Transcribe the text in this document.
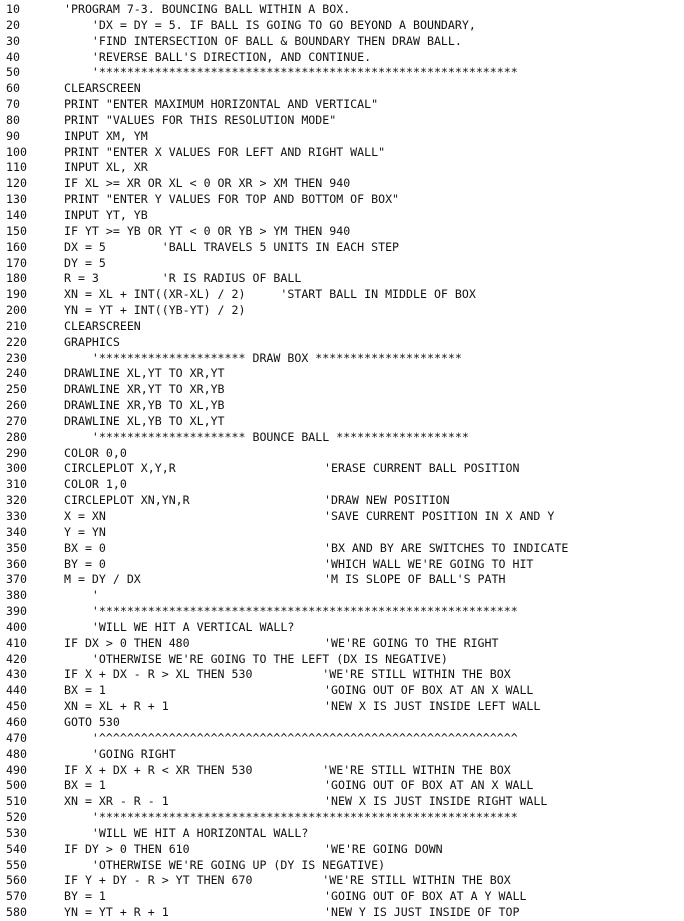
10	'PROGRAM 7-3. BOUNCING BALL WITHIN A BOX.
20	'DX = DY = 5. IF BALL IS GOING TO GO BEYOND A BOUNDARY,
30	'FIND INTERSECTION OF BALL & BOUNDARY THEN DRAW BALL.
40	'REVERSE BALL'S DIRECTION, AND CONTINUE.
50	'************************************************************
60	CLEARSCREEN
70	PRINT "ENTER MAXIMUM HORIZONTAL AND VERTICAL"
80	PRINT "VALUES FOR THIS RESOLUTION MODE"
90	INPUT XM, YM
100	PRINT "ENTER X VALUES FOR LEFT AND RIGHT WALL"
110	INPUT XL, XR
120	IF XL >= XR OR XL < 0 OR XR > XM THEN 940
130	PRINT "ENTER Y VALUES FOR TOP AND BOTTOM OF BOX"
140	INPUT YT, YB
150	IF YT >= YB OR YT < 0 OR YB > YM THEN 940
160	DX = 5        'BALL TRAVELS 5 UNITS IN EACH STEP
170	DY = 5
180	R = 3         'R IS RADIUS OF BALL
190	XN = XL + INT((XR-XL) / 2)     'START BALL IN MIDDLE OF BOX
200	YN = YT + INT((YB-YT) / 2)
210	CLEARSCREEN
220	GRAPHICS
230	'********************* DRAW BOX *********************
240	DRAWLINE XL,YT TO XR,YT
250	DRAWLINE XR,YT TO XR,YB
260	DRAWLINE XR,YB TO XL,YB
270	DRAWLINE XL,YB TO XL,YT
280	'********************* BOUNCE BALL *******************
290	COLOR 0,0
300	CIRCLEPLOT X,Y,R	'ERASE CURRENT BALL POSITION
310	COLOR 1,0
320	CIRCLEPLOT XN,YN,R	'DRAW NEW POSITION
330	X = XN	'SAVE CURRENT POSITION IN X AND Y
340	Y = YN
350	BX = 0	'BX AND BY ARE SWITCHES TO INDICATE
360	BY = 0	'WHICH WALL WE'RE GOING TO HIT
370	M = DY / DX	'M IS SLOPE OF BALL'S PATH
380	'
390	'************************************************************
400	'WILL WE HIT A VERTICAL WALL?
410	IF DX > 0 THEN 480	'WE'RE GOING TO THE RIGHT
420	'OTHERWISE WE'RE GOING TO THE LEFT (DX IS NEGATIVE)
430	IF X + DX - R > XL THEN 530          'WE'RE STILL WITHIN THE BOX
440	BX = 1	'GOING OUT OF BOX AT AN X WALL
450	XN = XL + R + 1	'NEW X IS JUST INSIDE LEFT WALL
460	GOTO 530
470	'^^^^^^^^^^^^^^^^^^^^^^^^^^^^^^^^^^^^^^^^^^^^^^^^^^^^^^^^^^^^
480	'GOING RIGHT
490	IF X + DX + R < XR THEN 530          'WE'RE STILL WITHIN THE BOX
500	BX = 1	'GOING OUT OF BOX AT AN X WALL
510	XN = XR - R - 1	'NEW X IS JUST INSIDE RIGHT WALL
520	'************************************************************
530	'WILL WE HIT A HORIZONTAL WALL?
540	IF DY > 0 THEN 610	'WE'RE GOING DOWN
550	'OTHERWISE WE'RE GOING UP (DY IS NEGATIVE)
560	IF Y + DY - R > YT THEN 670          'WE'RE STILL WITHIN THE BOX
570	BY = 1	'GOING OUT OF BOX AT A Y WALL
580	YN = YT + R + 1	'NEW Y IS JUST INSIDE OF TOP
